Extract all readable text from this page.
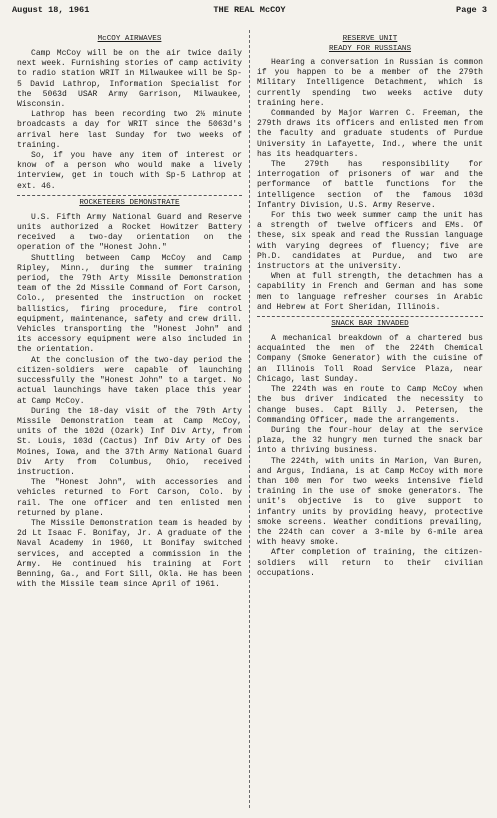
August 18, 1961	THE REAL McCOY	Page 3
McCOY AIRWAVES

Camp McCoy will be on the air twice daily next week. Furnishing stories of camp activity to radio station WRIT in Milwaukee will be Sp-5 David Lathrop, Information Specialist for the 5063d USAR Army Garrison, Milwaukee, Wisconsin.

Lathrop has been recording two 2½ minute broadcasts a day for WRIT since the 5063d's arrival here last Sunday for two weeks of training.

So, if you have any item of interest or know of a person who would make a lively interview, get in touch with Sp-5 Lathrop at ext. 46.

ROCKETEERS DEMONSTRATE

U.S. Fifth Army National Guard and Reserve units authorized a Rocket Howitzer Battery received a two-day orientation on the operation of the "Honest John."

Shuttling between Camp McCoy and Camp Ripley, Minn., during the summer training period, the 79th Arty Missile Demonstration team of the 2d Missile Command of Fort Carson, Colo., presented the instruction on rocket ballistics, firing procedure, fire control equipment, maintenance, safety and crew drill. Vehicles transporting the "Honest John" and its accessory equipment were also included in the orientation.

At the conclusion of the two-day period the citizen-soldiers were capable of launching successfully the "Honest John" to a target. No actual launchings have taken place this year at Camp McCoy.

During the 18-day visit of the 79th Arty Missile Demonstration team at Camp McCoy, units of the 102d (Ozark) Inf Div Arty, from St. Louis, 103d (Cactus) Inf Div Arty of Des Moines, Iowa, and the 37th Army National Guard Div Arty from Columbus, Ohio, received instruction.

The "Honest John", with accessories and vehicles returned to Fort Carson, Colo. by rail. The one officer and ten enlisted men returned by plane.

The Missile Demonstration team is headed by 2d Lt Isaac F. Bonifay, Jr. A graduate of the Naval Academy in 1960, Lt Bonifay switched services, and accepted a commission in the Army. He continued his training at Fort Benning, Ga., and Fort Sill, Okla. He has been with the Missile team since April of 1961.

RESERVE UNIT
READY FOR RUSSIANS

Hearing a conversation in Russian is common if you happen to be a member of the 279th Military Intelligence Detachment, which is currently spending two weeks active duty training here.

Commanded by Major Warren C. Freeman, the 279th draws its officers and enlisted men from the faculty and graduate students of Purdue University in Lafayette, Ind., where the unit has its headquarters.

The 279th has responsibility for interrogation of prisoners of war and the performance of battle functions for the intelligence section of the famous 103d Infantry Division, U.S. Army Reserve.

For this two week summer camp the unit has a strength of twelve officers and EMs. Of these, six speak and read the Russian language with varying degrees of fluency; five are Ph.D. candidates at Purdue, and two are instructors at the university.

When at full strength, the detachmen has a capability in French and German and has some men to language refresher courses in Arabic and Hebrew at Fort Sheridan, Illinois.

SNACK BAR INVADED

A mechanical breakdown of a chartered bus acquainted the men of the 224th Chemical Company (Smoke Generator) with the cuisine of an Illinois Toll Road Service Plaza, near Chicago, last Sunday.

The 224th was en route to Camp McCoy when the bus driver indicated the necessity to change buses. Capt Billy J. Petersen, the Commanding Officer, made the arrangements.

During the four-hour delay at the service plaza, the 32 hungry men turned the snack bar into a thriving business.

The 224th, with units in Marion, Van Buren, and Argus, Indiana, is at Camp McCoy with more than 100 men for two weeks intensive field training in the use of smoke generators. The unit's objective is to give support to infantry units by providing heavy, protective smoke screens. Weather conditions prevailing, the 224th can cover a 3-mile by 6-mile area with heavy smoke.

After completion of training, the citizen-soldiers will return to their civilian occupations.
